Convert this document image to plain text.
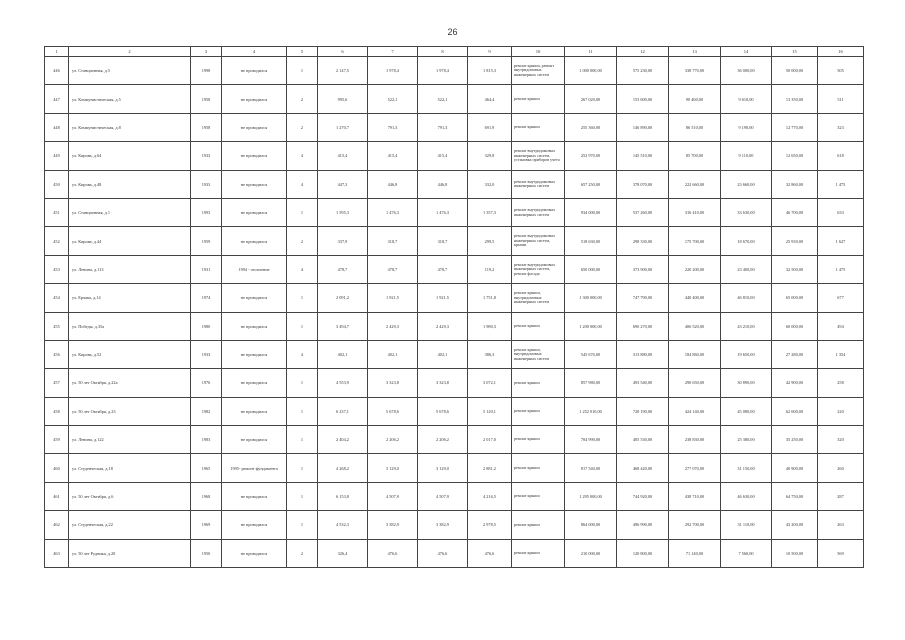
26
1	2	3	4	5	6	7	8	9	10	11	12	13	14	15	16
446	ул. Станционная, д.5	1998	не проводился	1	2 147,5	1 978,4	1 978,4	1 815,3	ремонт крыши, ремонт внутридомовых инженерных систем	1 000 000,00	575 230,00	338 770,00	36 000,00	50 000,00	505
447	ул. Коммунистическая, д.5	1958	не проводился	2	995,6	522,1	522,1	464,4	ремонт крыши	267 020,00	153 600,00	90 460,00	9 610,00	13 350,00	511
448	ул. Коммунистическая, д.8	1958	не проводился	2	1 270,7	791,3	791,3	691,9	ремонт крыши	255 360,00	146 890,00	86 510,00	9 190,00	12 770,00	323
449	ул. Кирова, д.64	1933	не проводился	4	415,4	415,4	415,4	329,8	ремонт внутридомовых инженерных систем, установка приборов учета	252 970,00	145 510,00	85 700,00	9 110,00	12 650,00	618
450	ул. Кирова, д.48	1933	не проводился	4	447,3	446,8	446,8	332,0	ремонт внутридомовых инженерных систем	657 250,00	378 070,00	222 660,00	23 660,00	32 860,00	1 475
451	ул. Станционная, д.1	1993	не проводился	1	1 595,3	1 476,3	1 476,3	1 357,3	ремонт внутридомовых инженерных систем	934 000,00	537 260,00	316 410,00	33 630,00	46 700,00	633
452	ул. Кирова, д.44	1959	не проводился	2	337,9	318,7	318,7	299,5	ремонт внутридомовых инженерных систем, крыши	518 630,00	298 330,00	175 700,00	18 670,00	25 930,00	1 627
453	ул. Ленина, д.113	1931	1994 - отопление	4	478,7	478,7	478,7	119,2	ремонт внутридомовых инженерных систем, ремонт фасада	650 000,00	373 900,00	220 200,00	23 400,00	32 500,00	1 475
454	ул. Ерчака, д.14	1974	не проводился	1	2 091,2	1 921,5	1 921,5	1 751,8	ремонт крыши, внутридомовых инженерных систем	1 300 000,00	747 790,00	440 400,00	46 810,00	65 000,00	677
455	ул. Победы, д.35а	1980	не проводился	1	3 494,7	2 429,3	2 429,3	1 980,3	ремонт крыши	1 200 000,00	690 270,00	406 520,00	43 210,00	60 000,00	494
456	ул. Кирова, д.52	1933	не проводился	4	402,1	402,1	402,1	386,3	ремонт крыши, внутридомовых инженерных систем	545 670,00	313 880,00	184 860,00	19 650,00	27 280,00	1 354
457	ул. 50 лет Октября, д.22а	1976	не проводился	1	4 553,9	3 323,8	3 323,8	3 072,1	ремонт крыши	857 980,00	493 540,00	290 650,00	30 890,00	42 900,00	258
458	ул. 50 лет Октября, д.23	1982	не проводился	1	6 237,1	5 678,6	5 678,6	5 120,1	ремонт крыши	1 252 010,00	720 190,00	424 140,00	45 080,00	62 600,00	220
459	ул. Ленина, д.122	1983	не проводился	1	2 404,2	2 206,2	2 206,2	2 017,0	ремонт крыши	704 990,00	405 530,00	238 830,00	25 380,00	35 250,00	320
460	ул. Студенческая, д.18	1965	1995- ремонт фундамента	1	4 268,2	3 129,0	3 129,0	2 881,2	ремонт крыши	817 540,00	468 420,00	277 070,00	31 150,00	40 900,00	260
461	ул. 50 лет Октября, д.6	1968	не проводился	1	6 153,8	4 507,9	4 507,9	4 216,5	ремонт крыши	1 295 000,00	744 920,00	438 710,00	46 630,00	64 750,00	287
462	ул. Студенческая, д.22	1969	не проводился	1	4 532,3	3 382,9	3 382,9	2 978,5	ремонт крыши	864 000,00	496 990,00	292 700,00	31 110,00	43 200,00	263
463	ул. 50 лет Рудника, д.20	1950	не проводился	2	326,4	476,6	476,6	476,6	ремонт крыши	210 000,00	120 800,00	71 140,00	7 560,00	10 500,00	569
